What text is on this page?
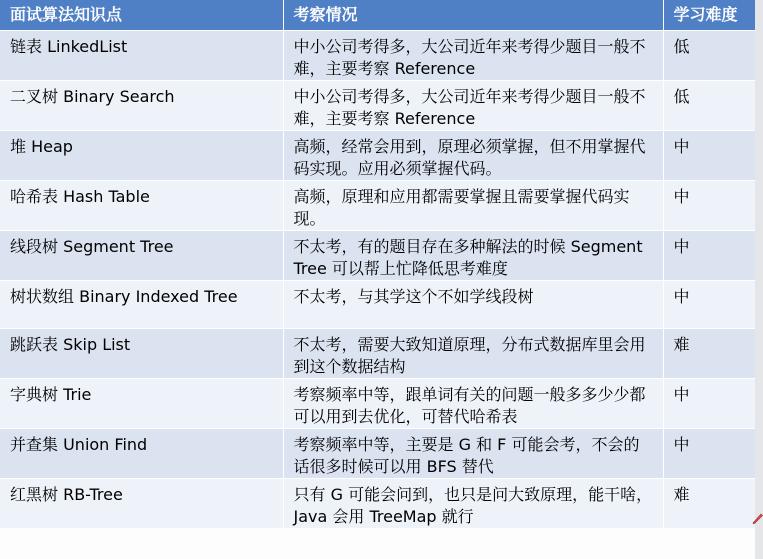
面试算法知识点	考察情况	学习难度
链表 LinkedList	中小公司考得多，大公司近年来考得少题目一般不难，主要考察 Reference	低
二叉树 Binary Search	中小公司考得多，大公司近年来考得少题目一般不难，主要考察 Reference	低
堆 Heap	高频，经常会用到，原理必须掌握，但不用掌握代码实现。应用必须掌握代码。	中
哈希表 Hash Table	高频，原理和应用都需要掌握且需要掌握代码实现。	中
线段树 Segment Tree	不太考，有的题目存在多种解法的时候 Segment Tree 可以帮上忙降低思考难度	中
树状数组 Binary Indexed Tree	不太考，与其学这个不如学线段树	中
跳跃表 Skip List	不太考，需要大致知道原理，分布式数据库里会用到这个数据结构	难
字典树 Trie	考察频率中等，跟单词有关的问题一般多多少少都可以用到去优化，可替代哈希表	中
并查集 Union Find	考察频率中等，主要是 G 和 F 可能会考，不会的话很多时候可以用 BFS 替代	中
红黑树 RB-Tree	只有 G 可能会问到，也只是问大致原理，能干啥，Java 会用 TreeMap 就行	难
